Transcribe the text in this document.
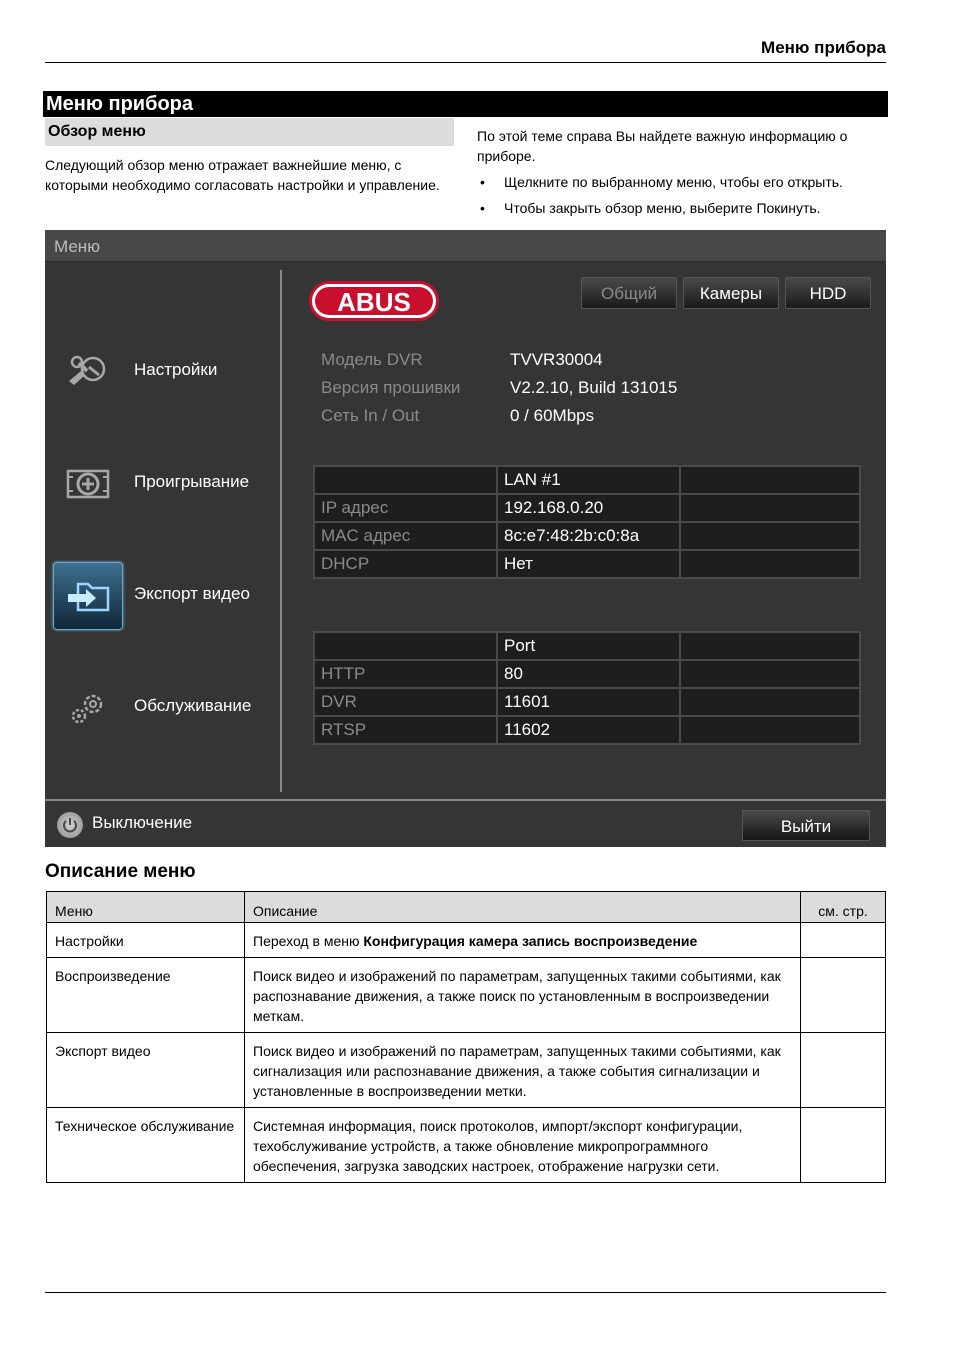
Меню прибора
Меню прибора
Обзор меню
Следующий обзор меню отражает важнейшие меню, с которыми необходимо согласовать настройки и управление.
По этой теме справа Вы найдете важную информацию о приборе.
• Щелкните по выбранному меню, чтобы его открыть.
• Чтобы закрыть обзор меню, выберите Покинуть.
Меню
Настройки
Проигрывание
Экспорт видео
Обслуживание
ABUS	Общий	Камеры	HDD
Модель DVR	TVVR30004
Версия прошивки	V2.2.10, Build 131015
Сеть In / Out	0 / 60Mbps
	LAN #1	
IP адрес	192.168.0.20	
MAC адрес	8c:e7:48:2b:c0:8a	
DHCP	Нет	
	Port	
HTTP	80	
DVR	11601	
RTSP	11602	
Выключение	Выйти
Описание меню
Меню	Описание	см. стр.
Настройки	Переход в меню Конфигурация камера запись воспроизведение	
Воспроизведение	Поиск видео и изображений по параметрам, запущенных такими событиями, как распознавание движения, а также поиск по установленным в воспроизведении меткам.	
Экспорт видео	Поиск видео и изображений по параметрам, запущенных такими событиями, как сигнализация или распознавание движения, а также события сигнализации и установленные в воспроизведении метки.	
Техническое обслуживание	Системная информация, поиск протоколов, импорт/экспорт конфигурации, техобслуживание устройств, а также обновление микропрограммного обеспечения, загрузка заводских настроек, отображение нагрузки сети.	
